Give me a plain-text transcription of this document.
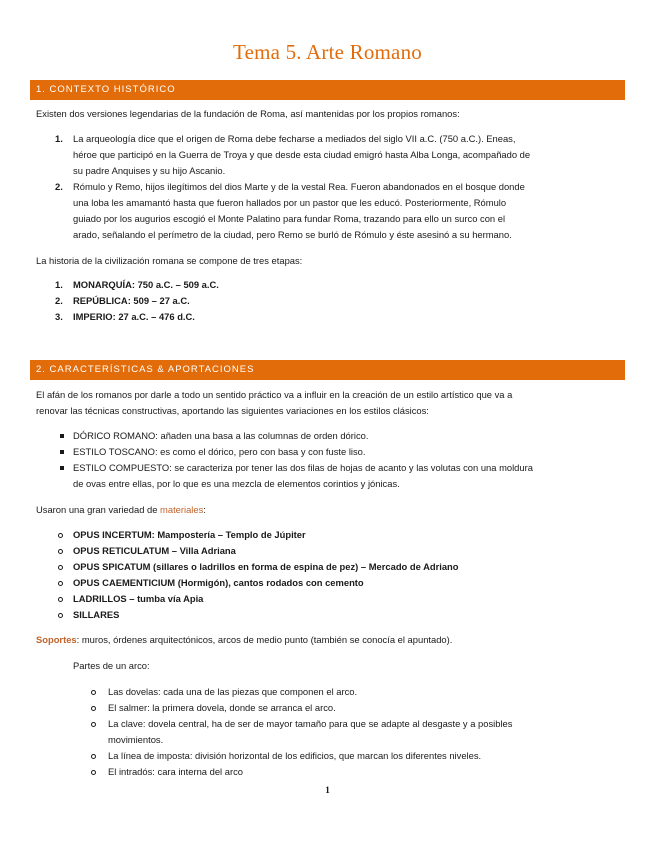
Tema 5. Arte Romano
1. CONTEXTO HISTÓRICO

Existen dos versiones legendarias de la fundación de Roma, así mantenidas por los propios romanos:

1. La arqueología dice que el origen de Roma debe fecharse a mediados del siglo VII a.C. (750 a.C.). Eneas,

héroe que participó en la Guerra de Troya y que desde esta ciudad emigró hasta Alba Longa, acompañado de

su padre Anquises y su hijo Ascanio.

2. Rómulo y Remo, hijos ilegítimos del dios Marte y de la vestal Rea. Fueron abandonados en el bosque donde

una loba les amamantó hasta que fueron hallados por un pastor que les educó. Posteriormente, Rómulo

guiado por los augurios escogió el Monte Palatino para fundar Roma, trazando para ello un surco con el

arado, señalando el perímetro de la ciudad, pero Remo se burló de Rómulo y éste asesinó a su hermano.

La historia de la civilización romana se compone de tres etapas:

1. MONARQUÍA: 750 a.C. – 509 a.C.

2. REPÚBLICA: 509 – 27 a.C.

3. IMPERIO: 27 a.C. – 476 d.C.

2. CARACTERÍSTICAS & APORTACIONES

El afán de los romanos por darle a todo un sentido práctico va a influir en la creación de un estilo artístico que va a

renovar las técnicas constructivas, aportando las siguientes variaciones en los estilos clásicos:

DÓRICO ROMANO: añaden una basa a las columnas de orden dórico.

ESTILO TOSCANO: es como el dórico, pero con basa y con fuste liso.

ESTILO COMPUESTO: se caracteriza por tener las dos filas de hojas de acanto y las volutas con una moldura

de ovas entre ellas, por lo que es una mezcla de elementos corintios y jónicas.

Usaron una gran variedad de materiales:

OPUS INCERTUM: Mampostería – Templo de Júpiter

OPUS RETICULATUM – Villa Adriana

OPUS SPICATUM (sillares o ladrillos en forma de espina de pez) – Mercado de Adriano

OPUS CAEMENTICIUM (Hormigón), cantos rodados con cemento

LADRILLOS – tumba vía Apia

SILLARES

Soportes: muros, órdenes arquitectónicos, arcos de medio punto (también se conocía el apuntado).

Partes de un arco:

Las dovelas: cada una de las piezas que componen el arco.

El salmer: la primera dovela, donde se arranca el arco.

La clave: dovela central, ha de ser de mayor tamaño para que se adapte al desgaste y a posibles

movimientos.

La línea de imposta: división horizontal de los edificios, que marcan los diferentes niveles.

El intradós: cara interna del arco

1
